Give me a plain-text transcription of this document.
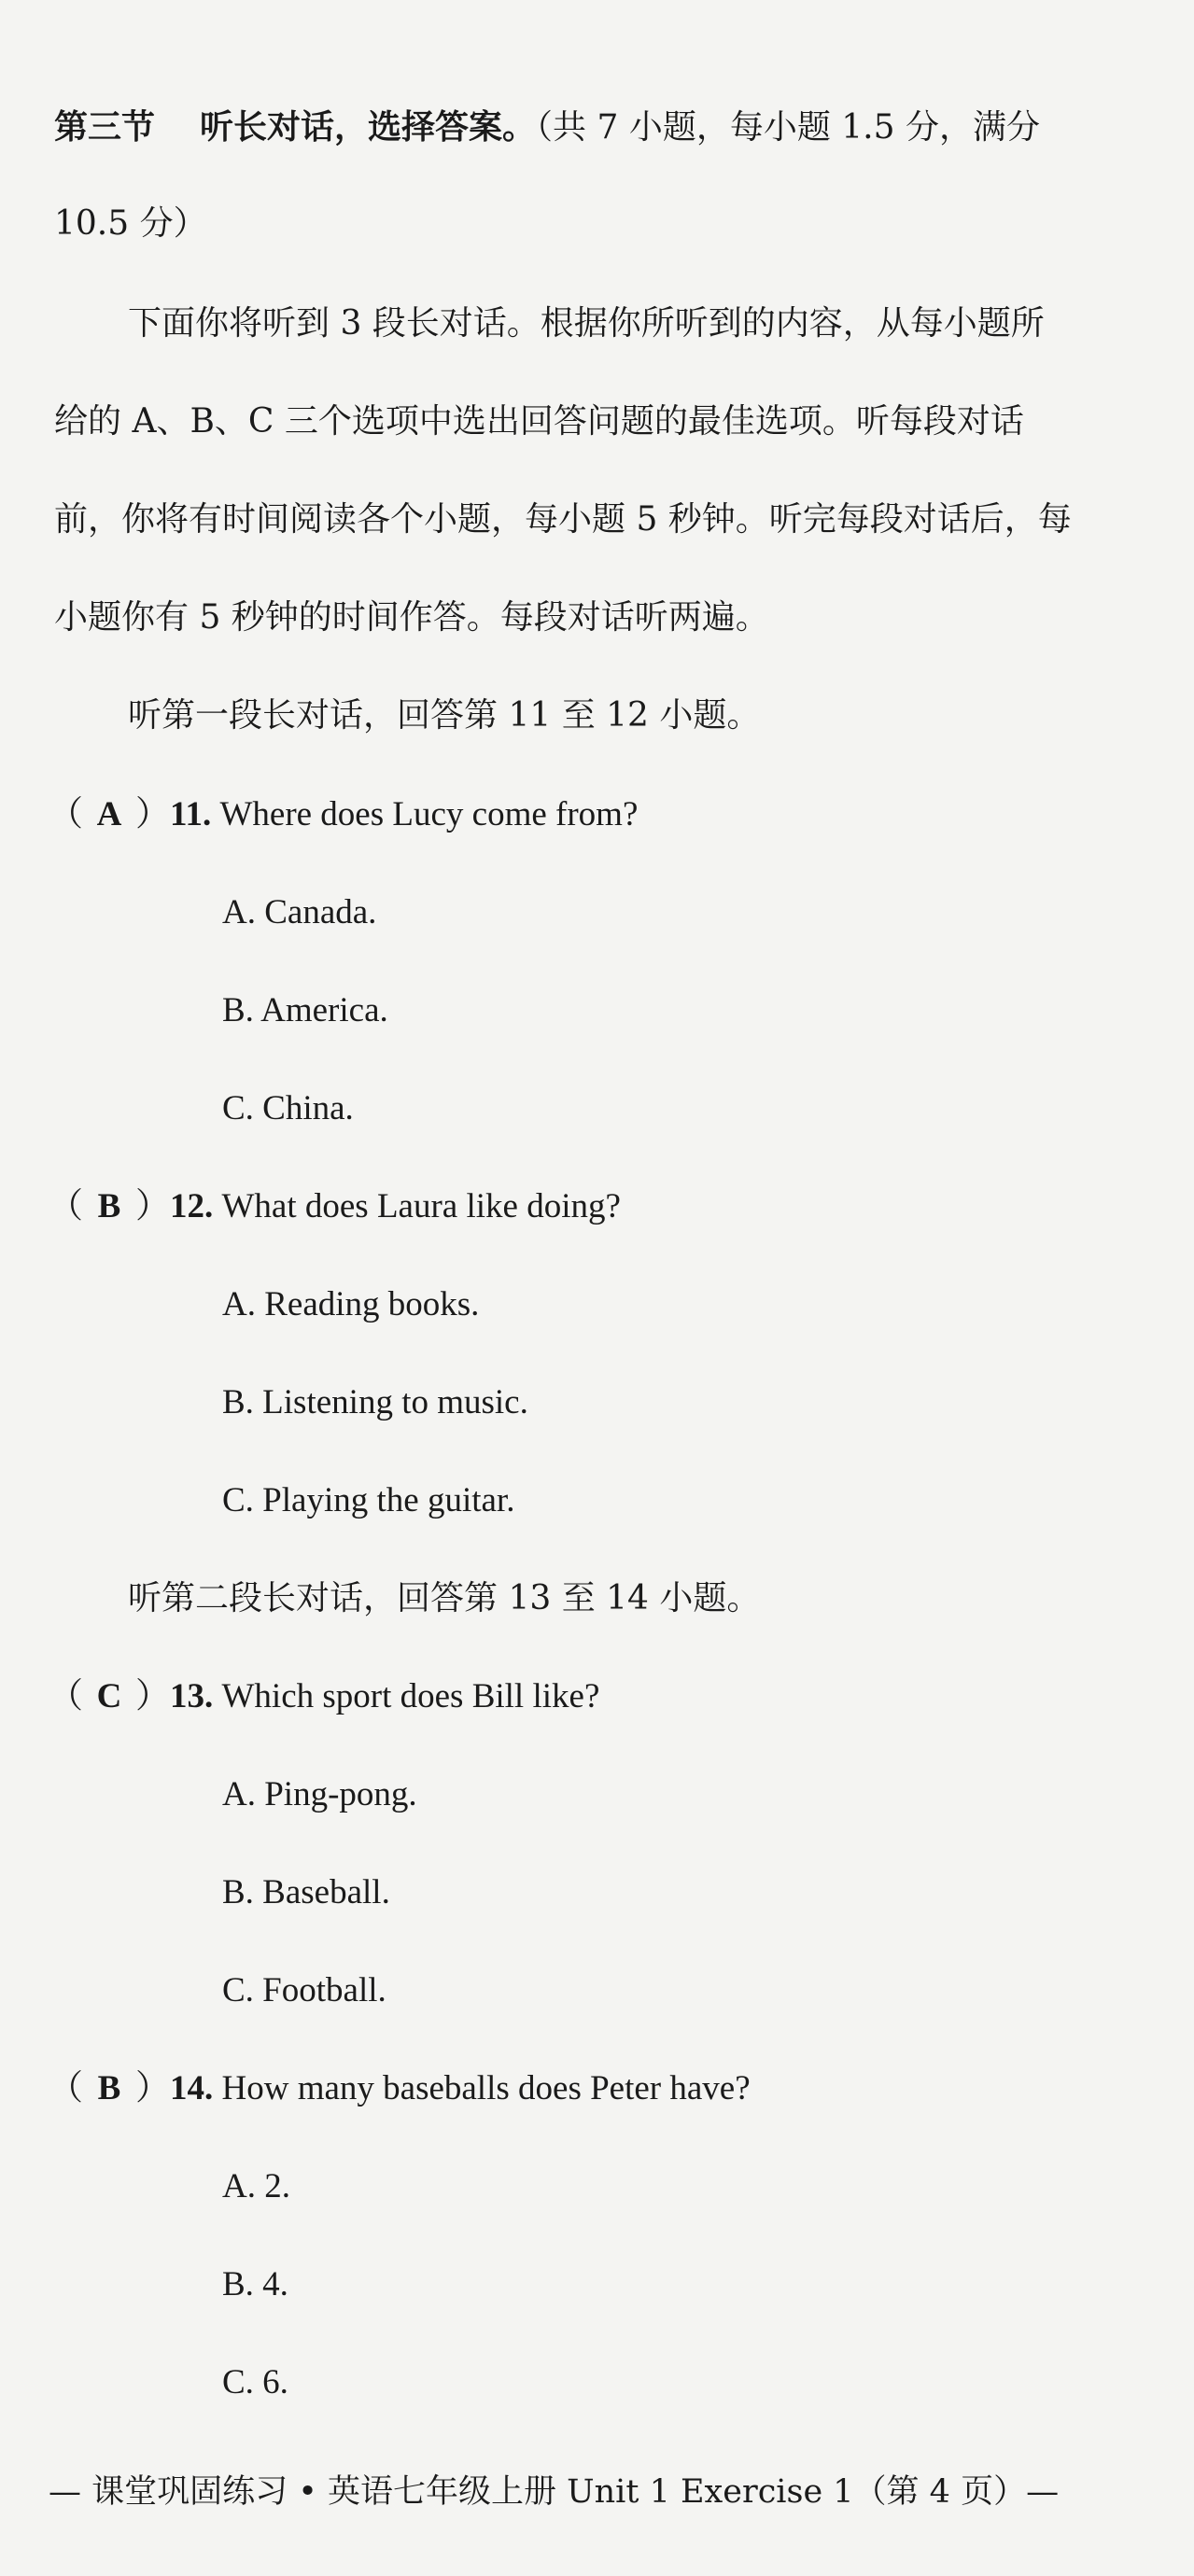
第三节 听长对话，选择答案。（共 7 小题，每小题 1.5 分，满分
10.5 分）
下面你将听到 3 段长对话。根据你所听到的内容，从每小题所
给的 A、B、C 三个选项中选出回答问题的最佳选项。听每段对话
前，你将有时间阅读各个小题，每小题 5 秒钟。听完每段对话后，每
小题你有 5 秒钟的时间作答。每段对话听两遍。
听第一段长对话，回答第 11 至 12 小题。
（ A ）11. Where does Lucy come from?
A. Canada.
B. America.
C. China.
（ B ）12. What does Laura like doing?
A. Reading books.
B. Listening to music.
C. Playing the guitar.
听第二段长对话，回答第 13 至 14 小题。
（ C ）13. Which sport does Bill like?
A. Ping-pong.
B. Baseball.
C. Football.
（ B ）14. How many baseballs does Peter have?
A. 2.
B. 4.
C. 6.
— 课堂巩固练习 • 英语七年级上册 Unit 1 Exercise 1（第 4 页）—
